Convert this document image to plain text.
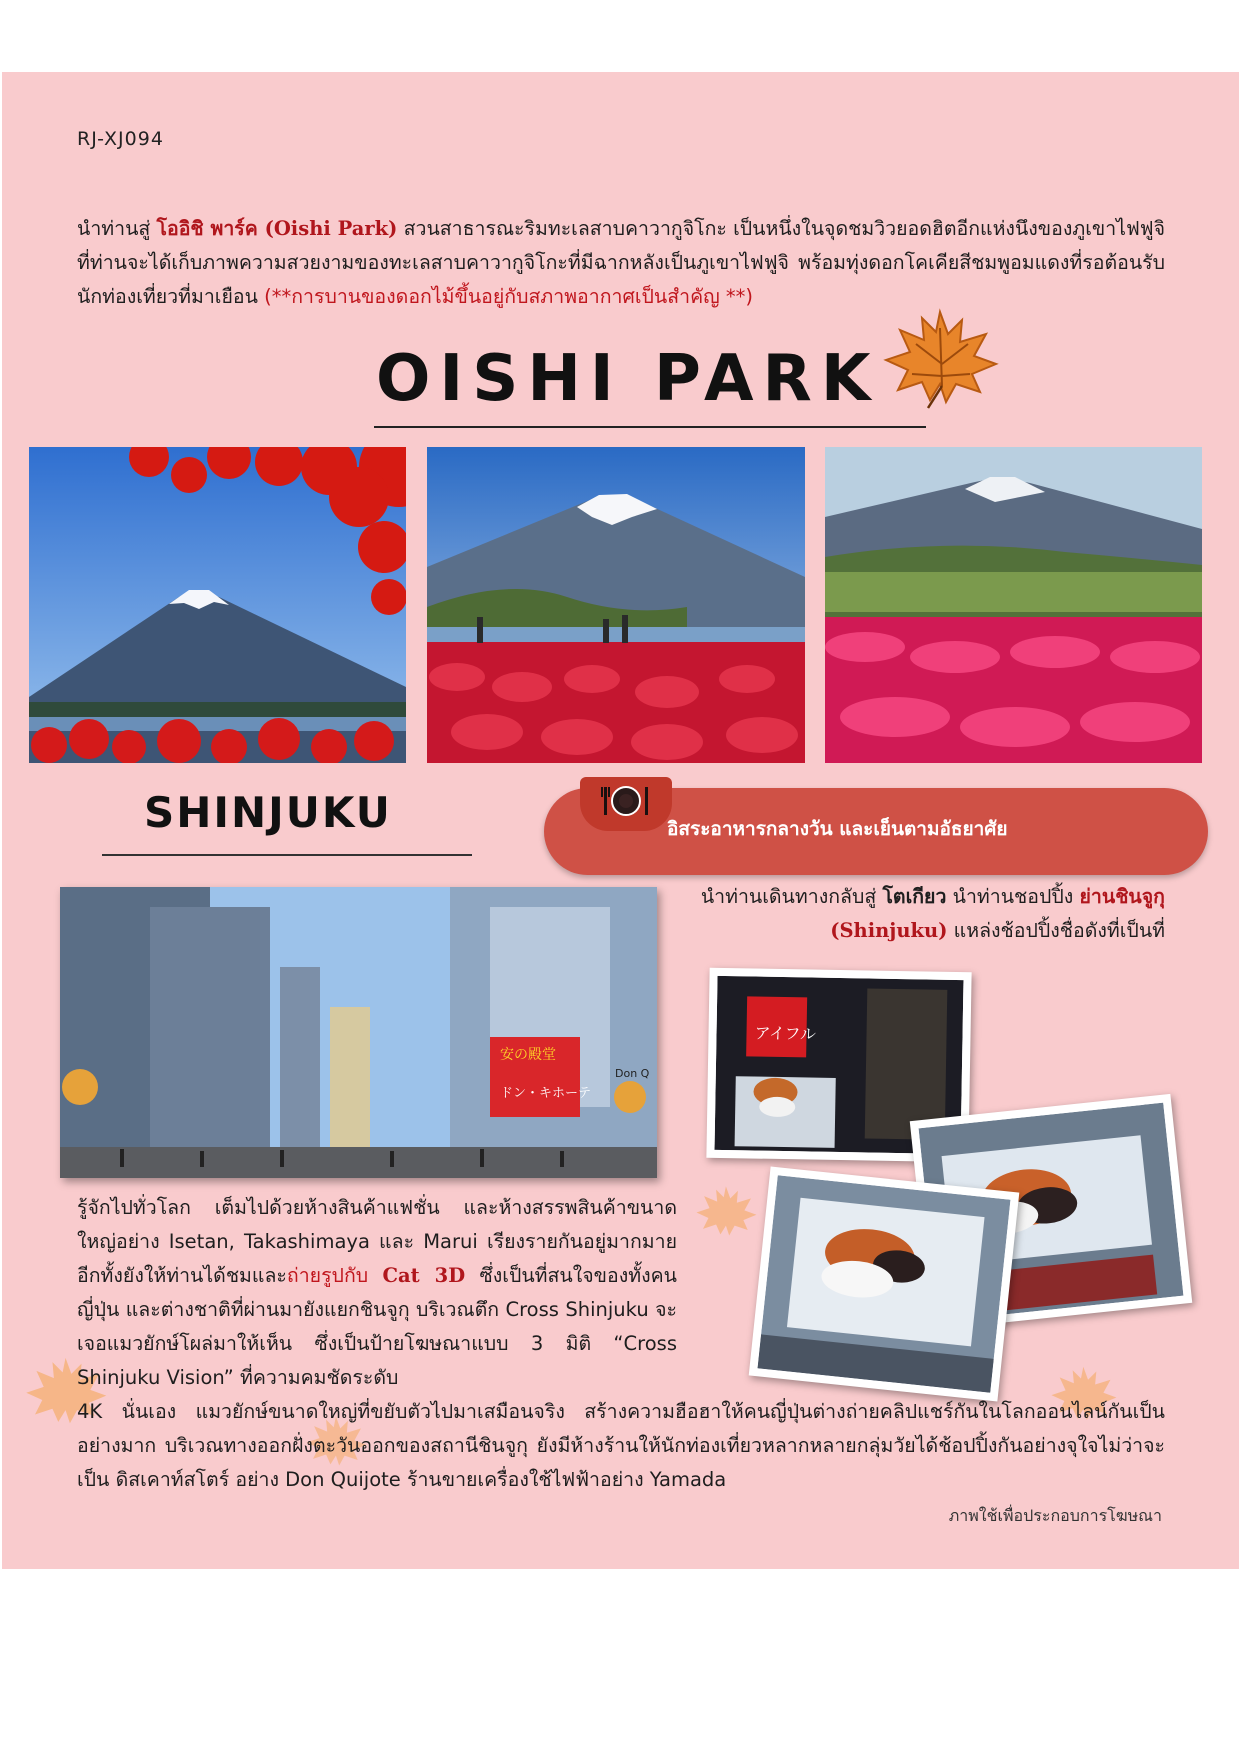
RJ-XJ094
นำท่านสู่ โออิชิ พาร์ค (Oishi Park) สวนสาธารณะริมทะเลสาบคาวากูจิโกะ เป็นหนึ่งในจุดชมวิวยอดฮิตอีกแห่งนึงของภูเขาไฟฟูจิ ที่ท่านจะได้เก็บภาพความสวยงามของทะเลสาบคาวากูจิโกะที่มีฉากหลังเป็นภูเขาไฟฟูจิ พร้อมทุ่งดอกโคเคียสีชมพูอมแดงที่รอต้อนรับนักท่องเที่ยวที่มาเยือน (**การบานของดอกไม้ขึ้นอยู่กับสภาพอากาศเป็นสำคัญ **)
OISHI PARK
SHINJUKU	อิสระอาหารกลางวัน และเย็นตามอัธยาศัย
นำท่านเดินทางกลับสู่ โตเกียว นำท่านชอปปิ้ง ย่านชินจูกุ (Shinjuku) แหล่งช้อปปิ้งชื่อดังที่เป็นที่
安の殿堂
ドン・キホーテ
Don Q
アイフル
รู้จักไปทั่วโลก เต็มไปด้วยห้างสินค้าแฟชั่น และห้างสรรพสินค้าขนาดใหญ่อย่าง Isetan, Takashimaya และ Marui เรียงรายกันอยู่มากมาย อีกทั้งยังให้ท่านได้ชมและถ่ายรูปกับ Cat 3D ซึ่งเป็นที่สนใจของทั้งคนญี่ปุ่น และต่างชาติที่ผ่านมายังแยกชินจูกุ บริเวณตึก Cross Shinjuku จะเจอแมวยักษ์โผล่มาให้เห็น ซึ่งเป็นป้ายโฆษณาแบบ 3 มิติ “Cross Shinjuku Vision” ที่ความคมชัดระดับ
4K นั่นเอง แมวยักษ์ขนาดใหญ่ที่ขยับตัวไปมาเสมือนจริง สร้างความฮือฮาให้คนญี่ปุ่นต่างถ่ายคลิปแชร์กันในโลกออนไลน์กันเป็นอย่างมาก บริเวณทางออกฝั่งตะวันออกของสถานีชินจูกุ ยังมีห้างร้านให้นักท่องเที่ยวหลากหลายกลุ่มวัยได้ช้อปปิ้งกันอย่างจุใจไม่ว่าจะเป็น ดิสเคาท์สโตร์ อย่าง Don Quijote ร้านขายเครื่องใช้ไฟฟ้าอย่าง Yamada
ภาพใช้เพื่อประกอบการโฆษณา
